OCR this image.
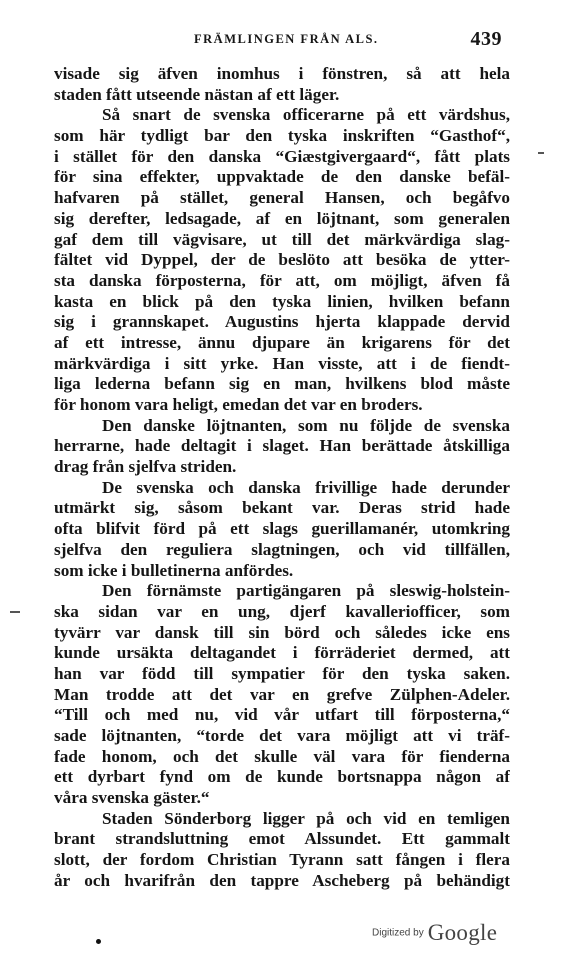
FRÄMLINGEN FRÅN ALS.	439
visade sig äfven inomhus i fönstren, så att hela
staden fått utseende nästan af ett läger.
Så snart de svenska officerarne på ett värdshus,
som här tydligt bar den tyska inskriften “Gasthof“,
i stället för den danska “Giæstgivergaard“, fått plats
för sina effekter, uppvaktade de den danske befäl-
hafvaren på stället, general Hansen, och begåfvo
sig derefter, ledsagade, af en löjtnant, som generalen
gaf dem till vägvisare, ut till det märkvärdiga slag-
fältet vid Dyppel, der de beslöto att besöka de ytter-
sta danska förposterna, för att, om möjligt, äfven få
kasta en blick på den tyska linien, hvilken befann
sig i grannskapet. Augustins hjerta klappade dervid
af ett intresse, ännu djupare än krigarens för det
märkvärdiga i sitt yrke. Han visste, att i de fiendt-
liga lederna befann sig en man, hvilkens blod måste
för honom vara heligt, emedan det var en broders.
Den danske löjtnanten, som nu följde de svenska
herrarne, hade deltagit i slaget. Han berättade åtskilliga
drag från sjelfva striden.
De svenska och danska frivillige hade derunder
utmärkt sig, såsom bekant var. Deras strid hade
ofta blifvit förd på ett slags guerillamanér, utomkring
sjelfva den reguliera slagtningen, och vid tillfällen,
som icke i bulletinerna anfördes.
Den förnämste partigängaren på sleswig-holstein-
ska sidan var en ung, djerf kavalleriofficer, som
tyvärr var dansk till sin börd och således icke ens
kunde ursäkta deltagandet i förräderiet dermed, att
han var född till sympatier för den tyska saken.
Man trodde att det var en grefve Zülphen-Adeler.
“Till och med nu, vid vår utfart till förposterna,“
sade löjtnanten, “torde det vara möjligt att vi träf-
fade honom, och det skulle väl vara för fienderna
ett dyrbart fynd om de kunde bortsnappa någon af
våra svenska gäster.“
Staden Sönderborg ligger på och vid en temligen
brant strandsluttning emot Alssundet. Ett gammalt
slott, der fordom Christian Tyrann satt fången i flera
år och hvarifrån den tappre Ascheberg på behändigt
Digitized by Google
